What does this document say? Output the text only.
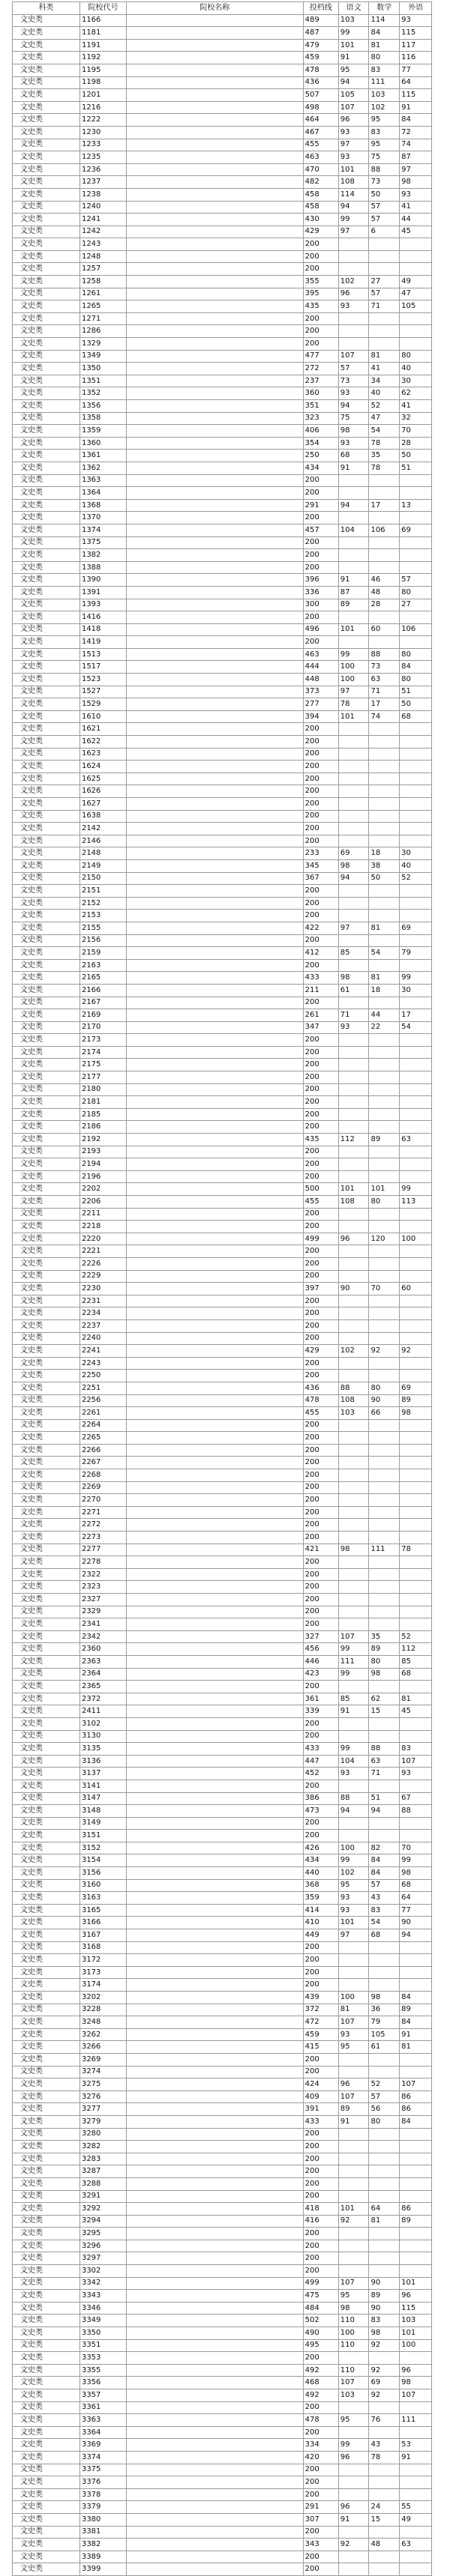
科类	院校代号	院校名称	投档线	语文	数学	外语
文史类	1166		489	103	114	93
文史类	1181		487	99	84	115
文史类	1191		479	101	81	117
文史类	1192		459	91	80	116
文史类	1195		478	95	83	77
文史类	1198		436	94	111	64
文史类	1201		507	105	103	115
文史类	1216		498	107	102	91
文史类	1222		464	96	95	84
文史类	1230		467	93	83	72
文史类	1233		455	97	95	74
文史类	1235		463	93	75	87
文史类	1236		470	101	88	97
文史类	1237		482	108	73	98
文史类	1238		458	114	50	93
文史类	1240		458	94	57	41
文史类	1241		430	99	57	44
文史类	1242		429	97	6	45
文史类	1243		200			
文史类	1248		200			
文史类	1257		200			
文史类	1258		355	102	27	49
文史类	1261		395	96	57	47
文史类	1265		435	93	71	105
文史类	1271		200			
文史类	1286		200			
文史类	1329		200			
文史类	1349		477	107	81	80
文史类	1350		272	57	41	40
文史类	1351		237	73	34	30
文史类	1352		360	93	40	62
文史类	1356		351	94	52	41
文史类	1358		323	75	47	32
文史类	1359		406	98	54	70
文史类	1360		354	93	78	28
文史类	1361		250	68	35	50
文史类	1362		434	91	78	51
文史类	1363		200			
文史类	1364		200			
文史类	1368		291	94	17	13
文史类	1370		200			
文史类	1374		457	104	106	69
文史类	1375		200			
文史类	1382		200			
文史类	1388		200			
文史类	1390		396	91	46	57
文史类	1391		336	87	48	80
文史类	1393		300	89	28	27
文史类	1416		200			
文史类	1418		496	101	60	106
文史类	1419		200			
文史类	1513		463	99	88	80
文史类	1517		444	100	73	84
文史类	1523		448	100	63	80
文史类	1527		373	97	71	51
文史类	1529		277	78	17	50
文史类	1610		394	101	74	68
文史类	1621		200			
文史类	1622		200			
文史类	1623		200			
文史类	1624		200			
文史类	1625		200			
文史类	1626		200			
文史类	1627		200			
文史类	1638		200			
文史类	2142		200			
文史类	2146		200			
文史类	2148		233	69	18	30
文史类	2149		345	98	38	40
文史类	2150		367	94	50	52
文史类	2151		200			
文史类	2152		200			
文史类	2153		200			
文史类	2155		422	97	81	69
文史类	2156		200			
文史类	2159		412	85	54	79
文史类	2163		200			
文史类	2165		433	98	81	99
文史类	2166		211	61	18	30
文史类	2167		200			
文史类	2169		261	71	44	17
文史类	2170		347	93	22	54
文史类	2173		200			
文史类	2174		200			
文史类	2175		200			
文史类	2177		200			
文史类	2180		200			
文史类	2181		200			
文史类	2185		200			
文史类	2186		200			
文史类	2192		435	112	89	63
文史类	2193		200			
文史类	2194		200			
文史类	2196		200			
文史类	2202		500	101	101	99
文史类	2206		455	108	80	113
文史类	2211		200			
文史类	2218		200			
文史类	2220		499	96	120	100
文史类	2221		200			
文史类	2226		200			
文史类	2229		200			
文史类	2230		397	90	70	60
文史类	2231		200			
文史类	2234		200			
文史类	2237		200			
文史类	2240		200			
文史类	2241		429	102	92	92
文史类	2243		200			
文史类	2250		200			
文史类	2251		436	88	80	69
文史类	2256		478	108	90	89
文史类	2261		455	103	66	98
文史类	2264		200			
文史类	2265		200			
文史类	2266		200			
文史类	2267		200			
文史类	2268		200			
文史类	2269		200			
文史类	2270		200			
文史类	2271		200			
文史类	2272		200			
文史类	2273		200			
文史类	2277		421	98	111	78
文史类	2278		200			
文史类	2322		200			
文史类	2323		200			
文史类	2327		200			
文史类	2329		200			
文史类	2341		200			
文史类	2342		327	107	35	52
文史类	2360		456	99	89	112
文史类	2363		446	111	80	85
文史类	2364		423	99	98	68
文史类	2365		200			
文史类	2372		361	85	62	81
文史类	2411		339	91	15	45
文史类	3102		200			
文史类	3130		200			
文史类	3135		433	99	88	83
文史类	3136		447	104	63	107
文史类	3137		452	93	71	93
文史类	3141		200			
文史类	3147		386	88	51	67
文史类	3148		473	94	94	88
文史类	3149		200			
文史类	3151		200			
文史类	3152		426	100	82	70
文史类	3154		434	99	84	99
文史类	3156		440	102	84	98
文史类	3160		368	95	57	68
文史类	3163		359	93	43	64
文史类	3165		414	93	83	77
文史类	3166		410	101	54	90
文史类	3167		449	97	68	94
文史类	3168		200			
文史类	3172		200			
文史类	3173		200			
文史类	3174		200			
文史类	3202		439	100	98	84
文史类	3228		372	81	36	89
文史类	3248		472	107	79	84
文史类	3262		459	93	105	91
文史类	3266		415	95	61	81
文史类	3269		200			
文史类	3274		200			
文史类	3275		424	96	52	107
文史类	3276		409	107	57	86
文史类	3277		391	89	56	86
文史类	3279		433	91	80	84
文史类	3280		200			
文史类	3282		200			
文史类	3283		200			
文史类	3287		200			
文史类	3288		200			
文史类	3291		200			
文史类	3292		418	101	64	86
文史类	3294		416	92	81	89
文史类	3295		200			
文史类	3296		200			
文史类	3297		200			
文史类	3302		200			
文史类	3342		499	107	90	101
文史类	3343		475	95	89	96
文史类	3346		484	98	90	115
文史类	3349		502	110	83	103
文史类	3350		490	100	98	101
文史类	3351		495	110	92	100
文史类	3353		200			
文史类	3355		492	110	92	96
文史类	3356		468	107	69	98
文史类	3357		492	103	92	107
文史类	3361		200			
文史类	3363		478	95	76	111
文史类	3364		200			
文史类	3369		334	99	43	53
文史类	3374		420	96	78	91
文史类	3375		200			
文史类	3376		200			
文史类	3378		200			
文史类	3379		291	96	24	55
文史类	3380		307	91	15	49
文史类	3381		200			
文史类	3382		343	92	48	63
文史类	3389		200			
文史类	3399		200			
